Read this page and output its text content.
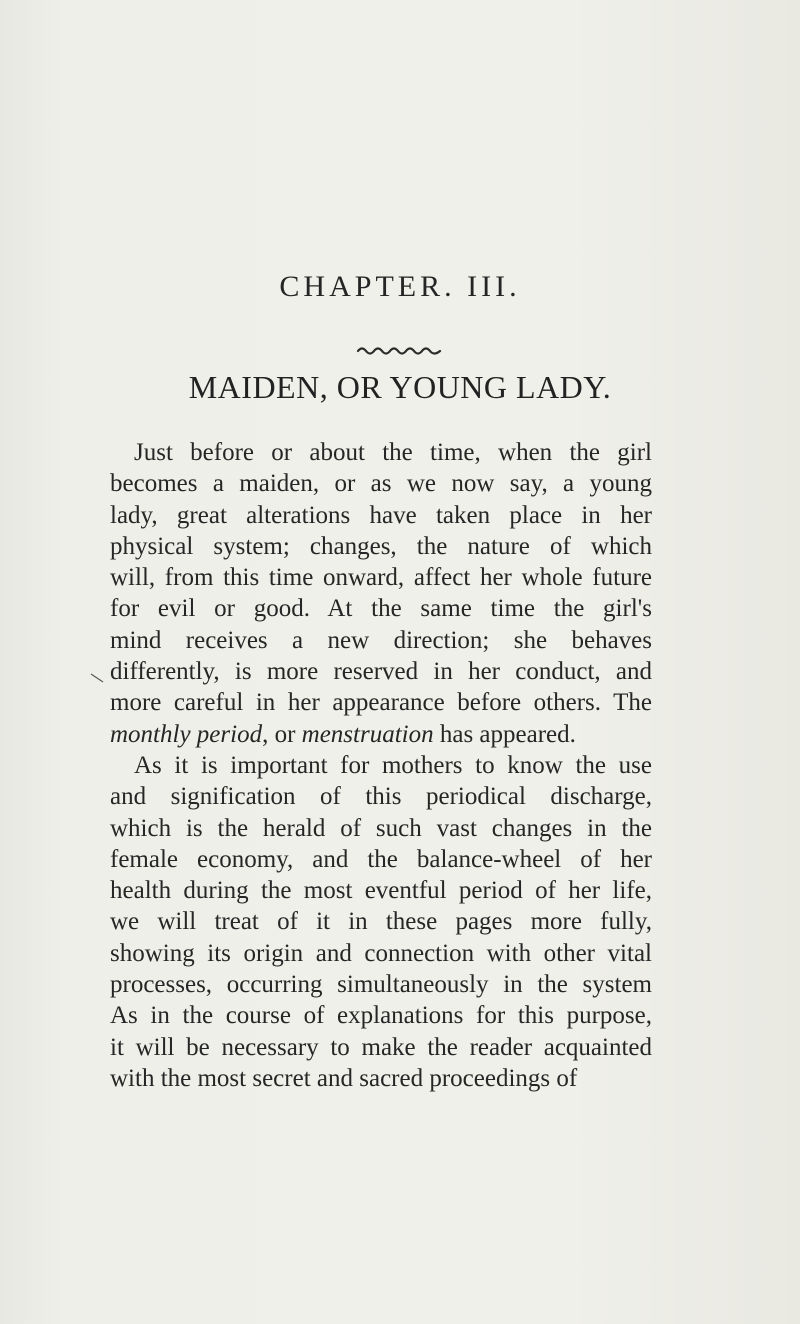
CHAPTER. III.
MAIDEN, OR YOUNG LADY.
Just before or about the time, when the girl
becomes a maiden, or as we now say, a young
lady, great alterations have taken place in her
physical system; changes, the nature of which
will, from this time onward, affect her whole future
for evil or good. At the same time the girl's
mind receives a new direction; she behaves
differently, is more reserved in her conduct, and
more careful in her appearance before others. The
monthly period, or menstruation has appeared.
As it is important for mothers to know the use
and signification of this periodical discharge,
which is the herald of such vast changes in the
female economy, and the balance-wheel of her
health during the most eventful period of her life,
we will treat of it in these pages more fully,
showing its origin and connection with other vital
processes, occurring simultaneously in the system
As in the course of explanations for this purpose,
it will be necessary to make the reader acquainted
with the most secret and sacred proceedings of
